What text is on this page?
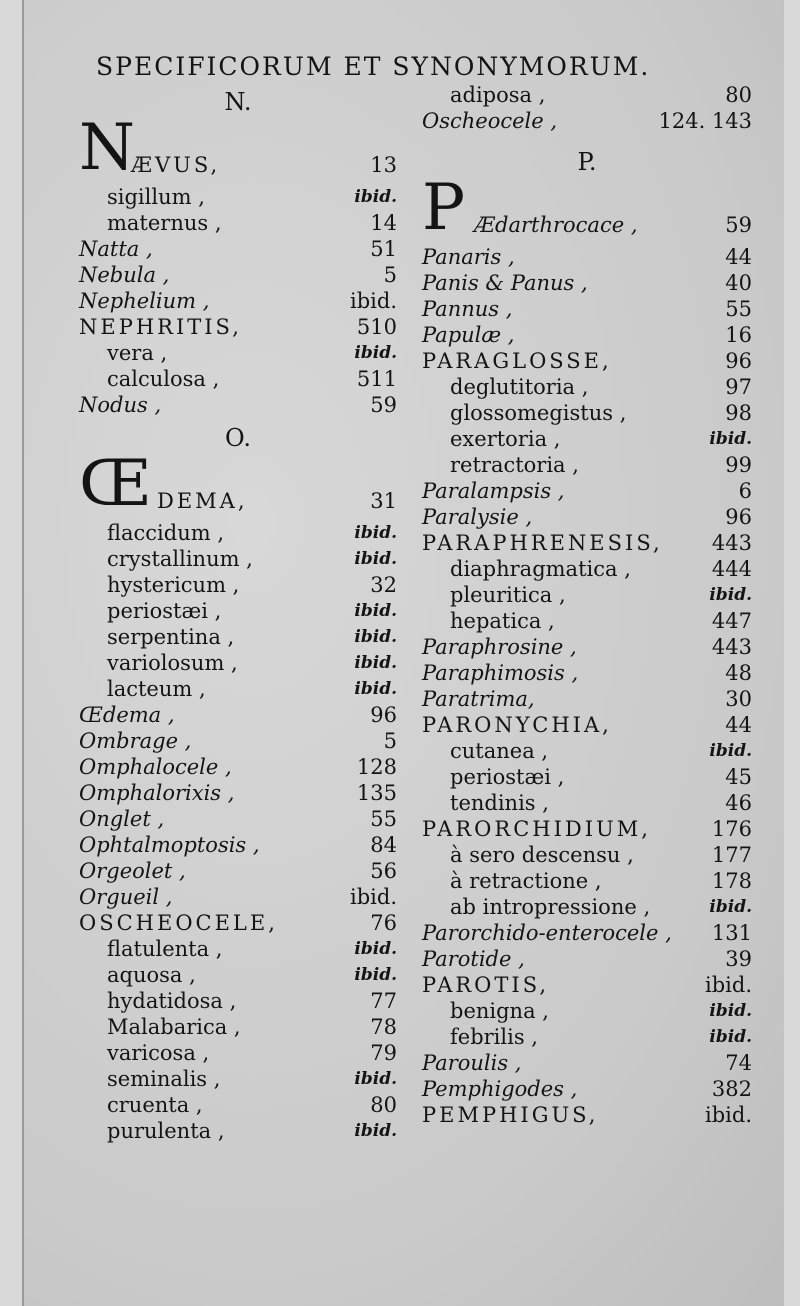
SPECIFICORUM ET SYNONYMORUM.
N.
N
ÆVUS,	13
sigillum ,	ibid.
maternus ,	14
Natta ,	51
Nebula ,	5
Nephelium ,	ibid.
NEPHRITIS,	510
vera ,	ibid.
calculosa ,	511
Nodus ,	59
O.
Œ DEMA,	31
flaccidum ,	ibid.
crystallinum ,	ibid.
hystericum ,	32
periostæi ,	ibid.
serpentina ,	ibid.
variolosum ,	ibid.
lacteum ,	ibid.
Œdema ,	96
Ombrage ,	5
Omphalocele ,	128
Omphalorixis ,	135
Onglet ,	55
Ophtalmoptosis ,	84
Orgeolet ,	56
Orgueil ,	ibid.
OSCHEOCELE,	76
flatulenta ,	ibid.
aquosa ,	ibid.
hydatidosa ,	77
Malabarica ,	78
varicosa ,	79
seminalis ,	ibid.
cruenta ,	80
purulenta ,	ibid.
adiposa ,	80
Oscheocele ,	124. 143
P.
P Ædarthrocace ,	59
Panaris ,	44
Panis & Panus ,	40
Pannus ,	55
Papulæ ,	16
PARAGLOSSE,	96
deglutitoria ,	97
glossomegistus ,	98
exertoria ,	ibid.
retractoria ,	99
Paralampsis ,	6
Paralysie ,	96
PARAPHRENESIS, 443
diaphragmatica ,	444
pleuritica ,	ibid.
hepatica ,	447
Paraphrosine ,	443
Paraphimosis ,	48
Paratrima,	30
PARONYCHIA,	44
cutanea ,	ibid.
periostæi ,	45
tendinis ,	46
PARORCHIDIUM,	176
à sero descensu ,	177
à retractione ,	178
ab intropressione ,	ibid.
Parorchido-enterocele , 131
Parotide ,	39
PAROTIS,	ibid.
benigna ,	ibid.
febrilis ,	ibid.
Paroulis ,	74
Pemphigodes ,	382
PEMPHIGUS,	ibid.
